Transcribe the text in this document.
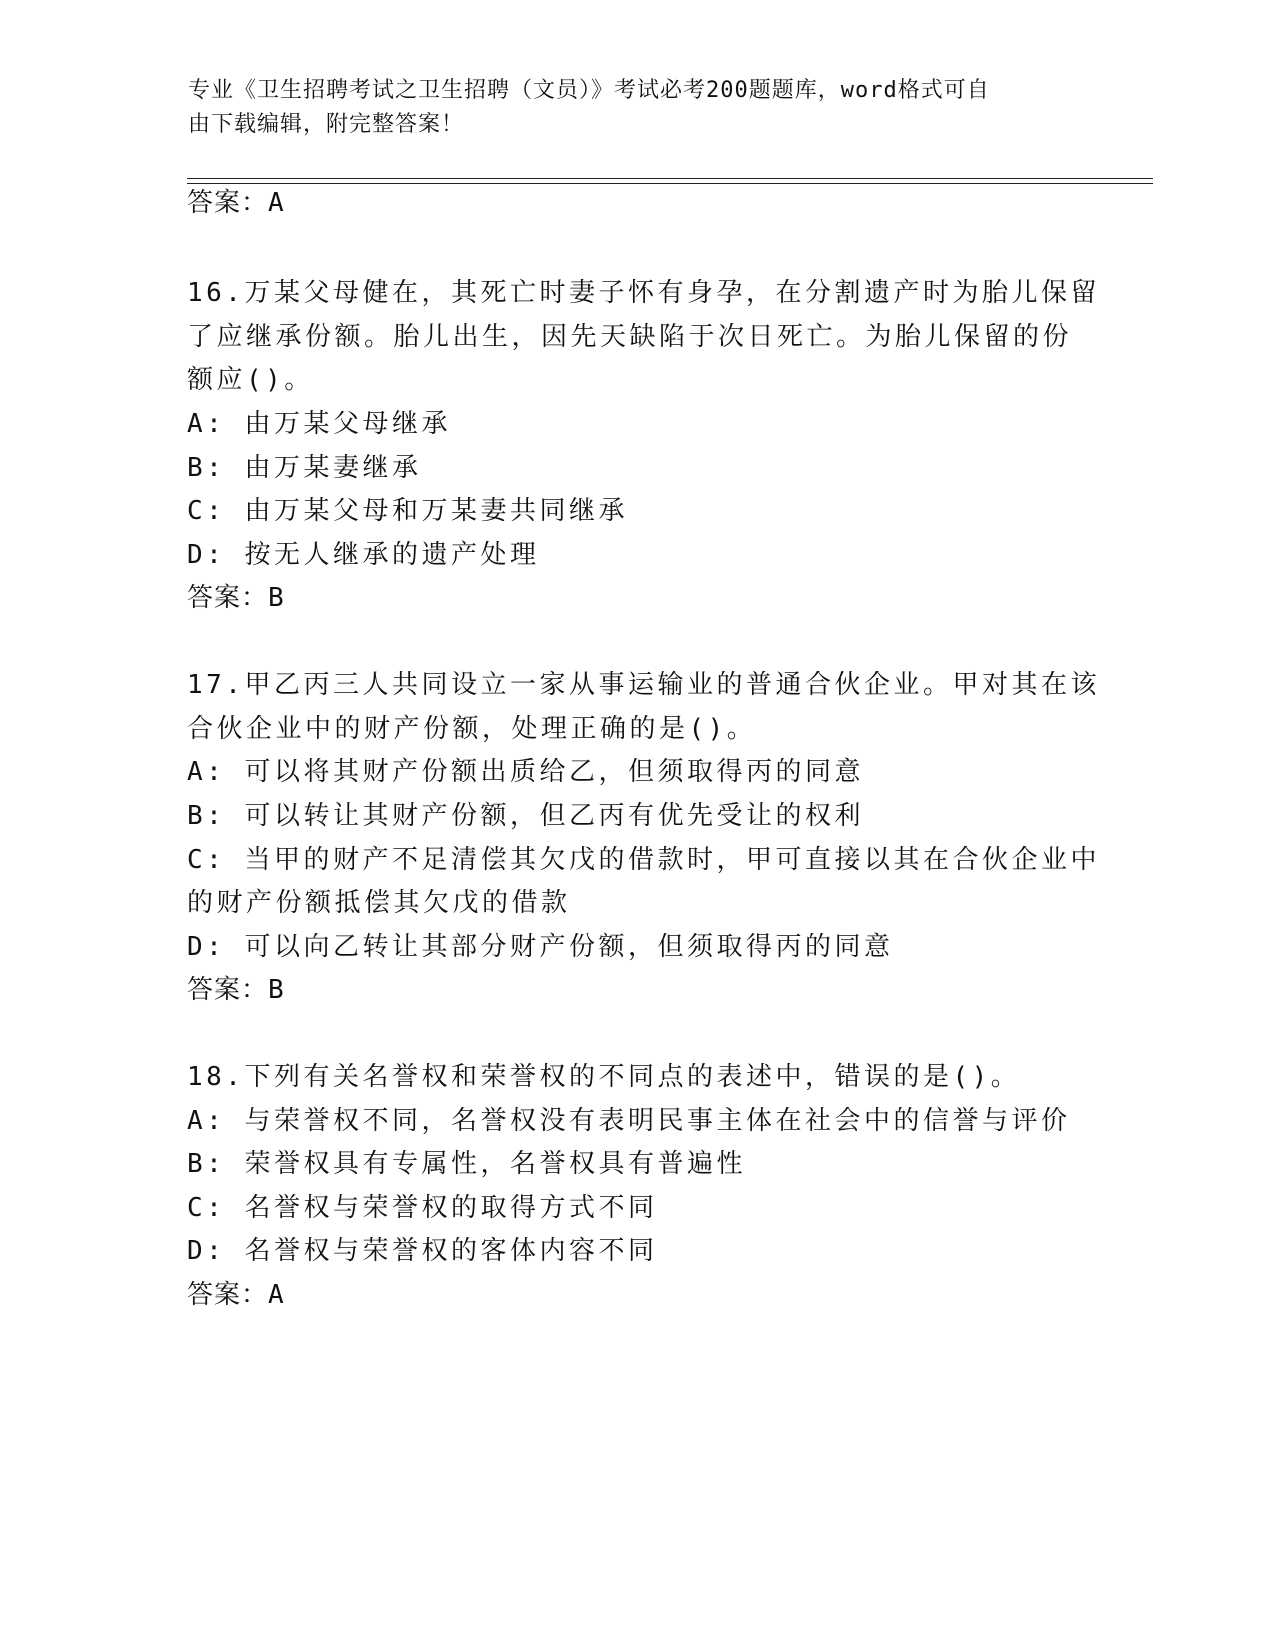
专业《卫生招聘考试之卫生招聘（文员）》考试必考200题题库，word格式可自
由下载编辑，附完整答案！
答案：A
16.万某父母健在，其死亡时妻子怀有身孕，在分割遗产时为胎儿保留
了应继承份额。胎儿出生，因先天缺陷于次日死亡。为胎儿保留的份
额应()。
A: 由万某父母继承
B: 由万某妻继承
C: 由万某父母和万某妻共同继承
D: 按无人继承的遗产处理
答案：B
17.甲乙丙三人共同设立一家从事运输业的普通合伙企业。甲对其在该
合伙企业中的财产份额，处理正确的是()。
A: 可以将其财产份额出质给乙，但须取得丙的同意
B: 可以转让其财产份额，但乙丙有优先受让的权利
C: 当甲的财产不足清偿其欠戊的借款时，甲可直接以其在合伙企业中
的财产份额抵偿其欠戊的借款
D: 可以向乙转让其部分财产份额，但须取得丙的同意
答案：B
18.下列有关名誉权和荣誉权的不同点的表述中，错误的是()。
A: 与荣誉权不同，名誉权没有表明民事主体在社会中的信誉与评价
B: 荣誉权具有专属性，名誉权具有普遍性
C: 名誉权与荣誉权的取得方式不同
D: 名誉权与荣誉权的客体内容不同
答案：A
